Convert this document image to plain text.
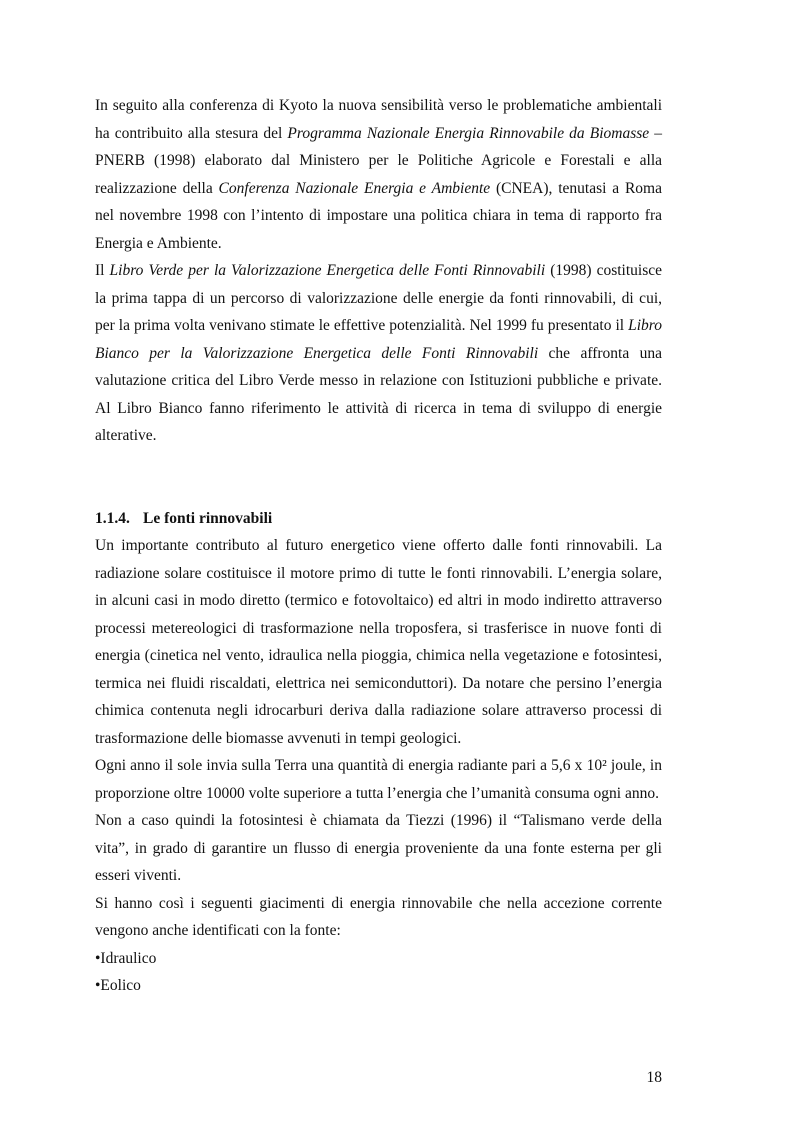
In seguito alla conferenza di Kyoto la nuova sensibilità verso le problematiche ambientali ha contribuito alla stesura del Programma Nazionale Energia Rinnovabile da Biomasse – PNERB (1998) elaborato dal Ministero per le Politiche Agricole e Forestali e alla realizzazione della Conferenza Nazionale Energia e Ambiente (CNEA), tenutasi a Roma nel novembre 1998 con l’intento di impostare una politica chiara in tema di rapporto fra Energia e Ambiente.

Il Libro Verde per la Valorizzazione Energetica delle Fonti Rinnovabili (1998) costituisce la prima tappa di un percorso di valorizzazione delle energie da fonti rinnovabili, di cui, per la prima volta venivano stimate le effettive potenzialità. Nel 1999 fu presentato il Libro Bianco per la Valorizzazione Energetica delle Fonti Rinnovabili che affronta una valutazione critica del Libro Verde messo in relazione con Istituzioni pubbliche e private. Al Libro Bianco fanno riferimento le attività di ricerca in tema di sviluppo di energie alterative.

1.1.4. Le fonti rinnovabili

Un importante contributo al futuro energetico viene offerto dalle fonti rinnovabili. La radiazione solare costituisce il motore primo di tutte le fonti rinnovabili. L’energia solare, in alcuni casi in modo diretto (termico e fotovoltaico) ed altri in modo indiretto attraverso processi metereologici di trasformazione nella troposfera, si trasferisce in nuove fonti di energia (cinetica nel vento, idraulica nella pioggia, chimica nella vegetazione e fotosintesi, termica nei fluidi riscaldati, elettrica nei semiconduttori). Da notare che persino l’energia chimica contenuta negli idrocarburi deriva dalla radiazione solare attraverso processi di trasformazione delle biomasse avvenuti in tempi geologici.

Ogni anno il sole invia sulla Terra una quantità di energia radiante pari a 5,6 x 10² joule, in proporzione oltre 10000 volte superiore a tutta l’energia che l’umanità consuma ogni anno.

Non a caso quindi la fotosintesi è chiamata da Tiezzi (1996) il “Talismano verde della vita”, in grado di garantire un flusso di energia proveniente da una fonte esterna per gli esseri viventi.

Si hanno così i seguenti giacimenti di energia rinnovabile che nella accezione corrente vengono anche identificati con la fonte:

•Idraulico

•Eolico

18
